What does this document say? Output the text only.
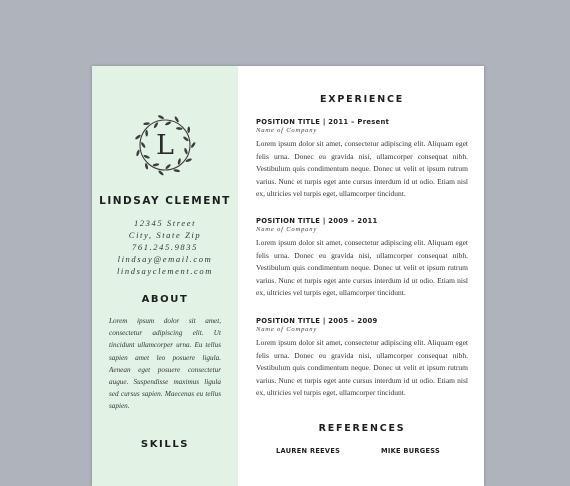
L
LINDSAY CLEMENT
12345 Street
City, State Zip
761.245.9835
lindsay@email.com
lindsayclement.com
ABOUT
Lorem ipsum dolor sit amet, consectetur adipiscing elit. Ut tincidunt ullamcorper urna. Eu tellus sapien amet leo posuere ligula. Aenean eget posuere consectetur augue. Suspendisse maximus ligula sed cursus sapien. Maecenas eu tellus sapien.
SKILLS
EXPERIENCE
POSITION TITLE | 2011 – Present
Name of Company
Lorem ipsum dolor sit amet, consectetur adipiscing elit. Aliquam eget felis urna. Donec eu gravida nisi, ullamcorper consequat nibh. Vestibulum quis condimentum neque. Donec ut velit et ipsum rutrum varius. Nunc et turpis eget ante cursus interdum id ut odio. Etiam nisl ex, ultricies vel turpis eget, ullamcorper tincidunt.
POSITION TITLE | 2009 – 2011
Name of Company
Lorem ipsum dolor sit amet, consectetur adipiscing elit. Aliquam eget felis urna. Donec eu gravida nisi, ullamcorper consequat nibh. Vestibulum quis condimentum neque. Donec ut velit et ipsum rutrum varius. Nunc et turpis eget ante cursus interdum id ut odio. Etiam nisl ex, ultricies vel turpis eget, ullamcorper tincidunt.
POSITION TITLE | 2005 – 2009
Name of Company
Lorem ipsum dolor sit amet, consectetur adipiscing elit. Aliquam eget felis urna. Donec eu gravida nisi, ullamcorper consequat nibh. Vestibulum quis condimentum neque. Donec ut velit et ipsum rutrum varius. Nunc et turpis eget ante cursus interdum id ut odio. Etiam nisl ex, ultricies vel turpis eget, ullamcorper tincidunt.
REFERENCES
LAUREN REEVES	MIKE BURGESS
